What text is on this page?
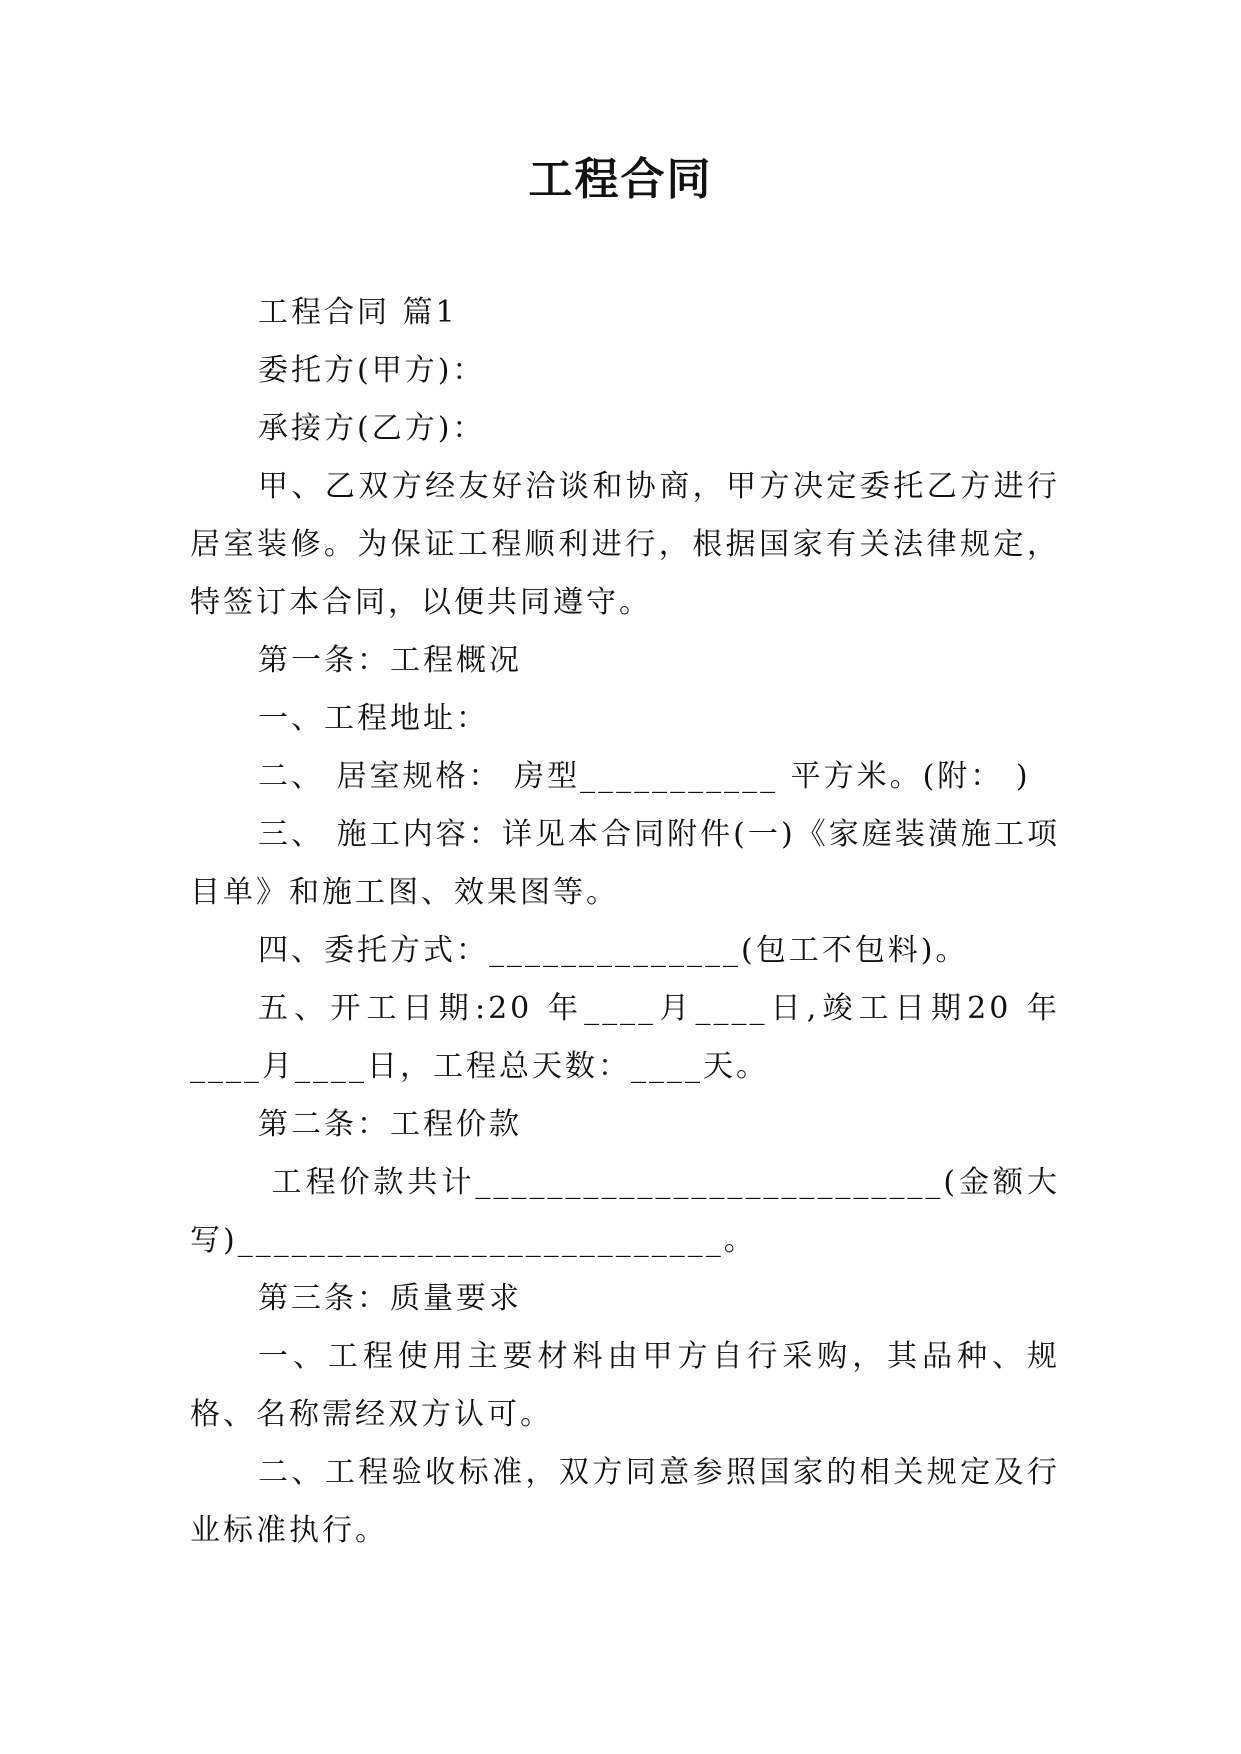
工程合同

工程合同 篇1

委托方(甲方)：

承接方(乙方)：

甲、乙双方经友好洽谈和协商，甲方决定委托乙方进行居室装修。为保证工程顺利进行，根据国家有关法律规定，特签订本合同，以便共同遵守。

第一条：工程概况

一、工程地址：

二、 居室规格： 房型___________ 平方米。(附： )

三、 施工内容：详见本合同附件(一)《家庭装潢施工项目单》和施工图、效果图等。

四、委托方式：______________(包工不包料)。

五、开工日期:20 年____月____日,竣工日期20 年____月____日，工程总天数：____天。

第二条：工程价款

工程价款共计__________________________(金额大写)___________________________。

第三条：质量要求

一、工程使用主要材料由甲方自行采购，其品种、规格、名称需经双方认可。

二、工程验收标准，双方同意参照国家的相关规定及行业标准执行。
